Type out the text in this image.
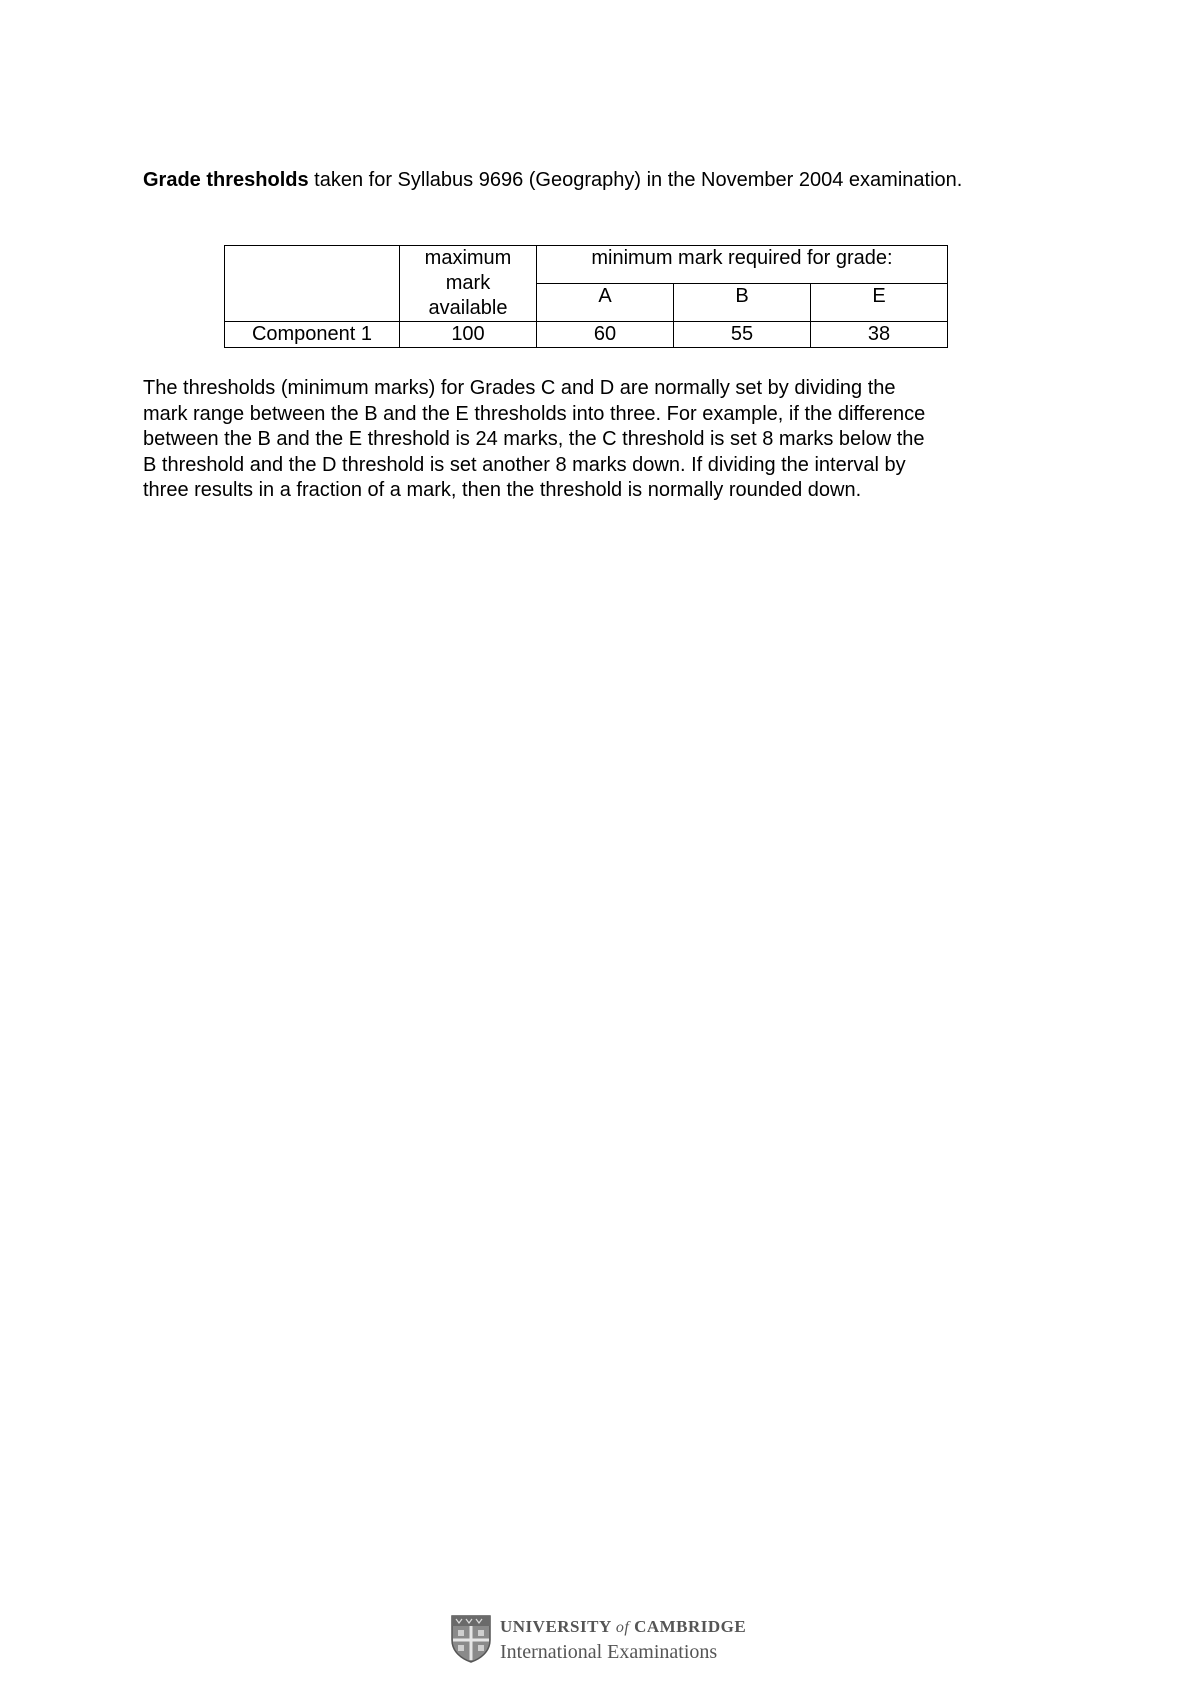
Grade thresholds taken for Syllabus 9696 (Geography) in the November 2004 examination.

	maximum
mark
available	minimum mark required for grade:		
		A	B	E
Component 1	100	60	55	38

The thresholds (minimum marks) for Grades C and D are normally set by dividing the
mark range between the B and the E thresholds into three. For example, if the difference
between the B and the E threshold is 24 marks, the C threshold is set 8 marks below the
B threshold and the D threshold is set another 8 marks down. If dividing the interval by
three results in a fraction of a mark, then the threshold is normally rounded down.

UNIVERSITY of CAMBRIDGE
International Examinations
